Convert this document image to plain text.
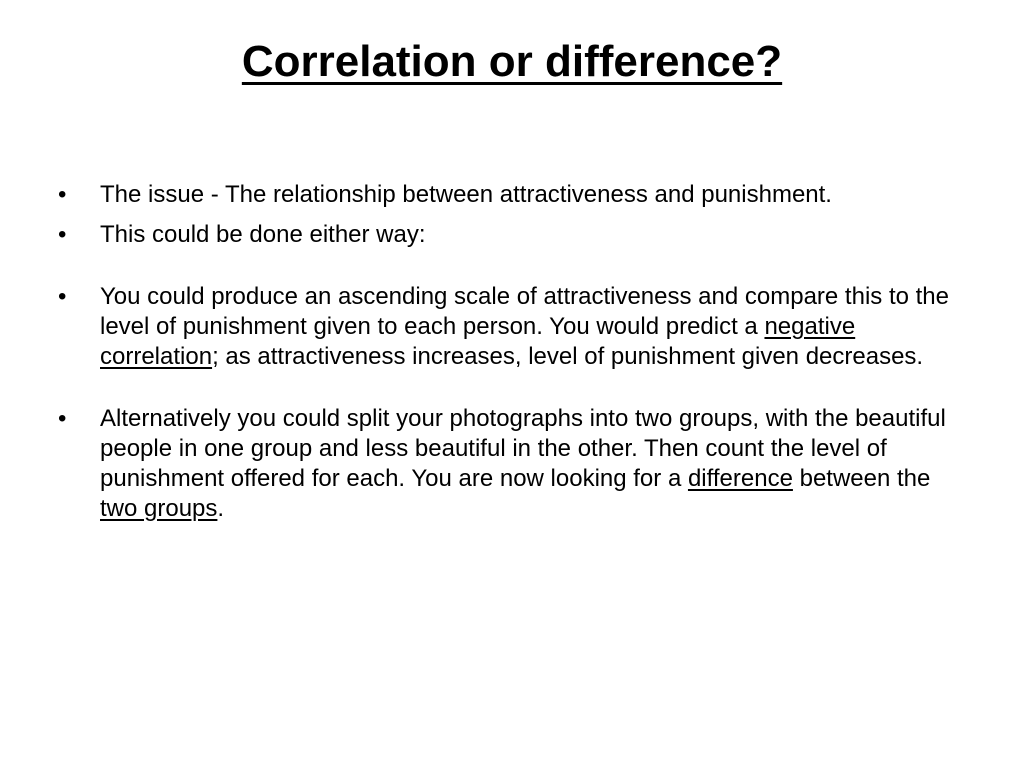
Correlation or difference?
• The issue - The relationship between attractiveness and punishment.
• This could be done either way:
• You could produce an ascending scale of attractiveness and compare this to the level of punishment given to each person. You would predict a negative correlation; as attractiveness increases, level of punishment given decreases.
• Alternatively you could split your photographs into two groups, with the beautiful people in one group and less beautiful in the other. Then count the level of punishment offered for each. You are now looking for a difference between the two groups.
